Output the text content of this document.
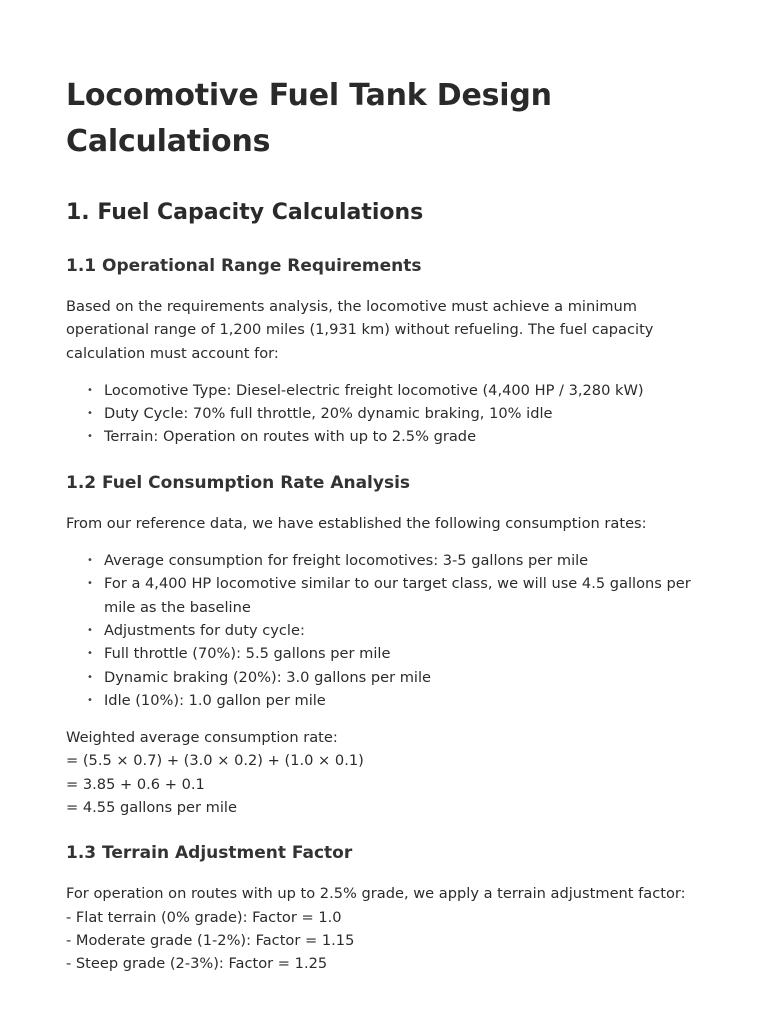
Locomotive Fuel Tank Design Calculations
1. Fuel Capacity Calculations
1.1 Operational Range Requirements

Based on the requirements analysis, the locomotive must achieve a minimum operational range of 1,200 miles (1,931 km) without refueling. The fuel capacity calculation must account for:

• Locomotive Type: Diesel-electric freight locomotive (4,400 HP / 3,280 kW)
• Duty Cycle: 70% full throttle, 20% dynamic braking, 10% idle
• Terrain: Operation on routes with up to 2.5% grade
1.2 Fuel Consumption Rate Analysis

From our reference data, we have established the following consumption rates:

• Average consumption for freight locomotives: 3-5 gallons per mile
• For a 4,400 HP locomotive similar to our target class, we will use 4.5 gallons per mile as the baseline
• Adjustments for duty cycle:
• Full throttle (70%): 5.5 gallons per mile
• Dynamic braking (20%): 3.0 gallons per mile
• Idle (10%): 1.0 gallon per mile

Weighted average consumption rate:
= (5.5 × 0.7) + (3.0 × 0.2) + (1.0 × 0.1)
= 3.85 + 0.6 + 0.1
= 4.55 gallons per mile

1.3 Terrain Adjustment Factor

For operation on routes with up to 2.5% grade, we apply a terrain adjustment factor:
- Flat terrain (0% grade): Factor = 1.0
- Moderate grade (1-2%): Factor = 1.15
- Steep grade (2-3%): Factor = 1.25
